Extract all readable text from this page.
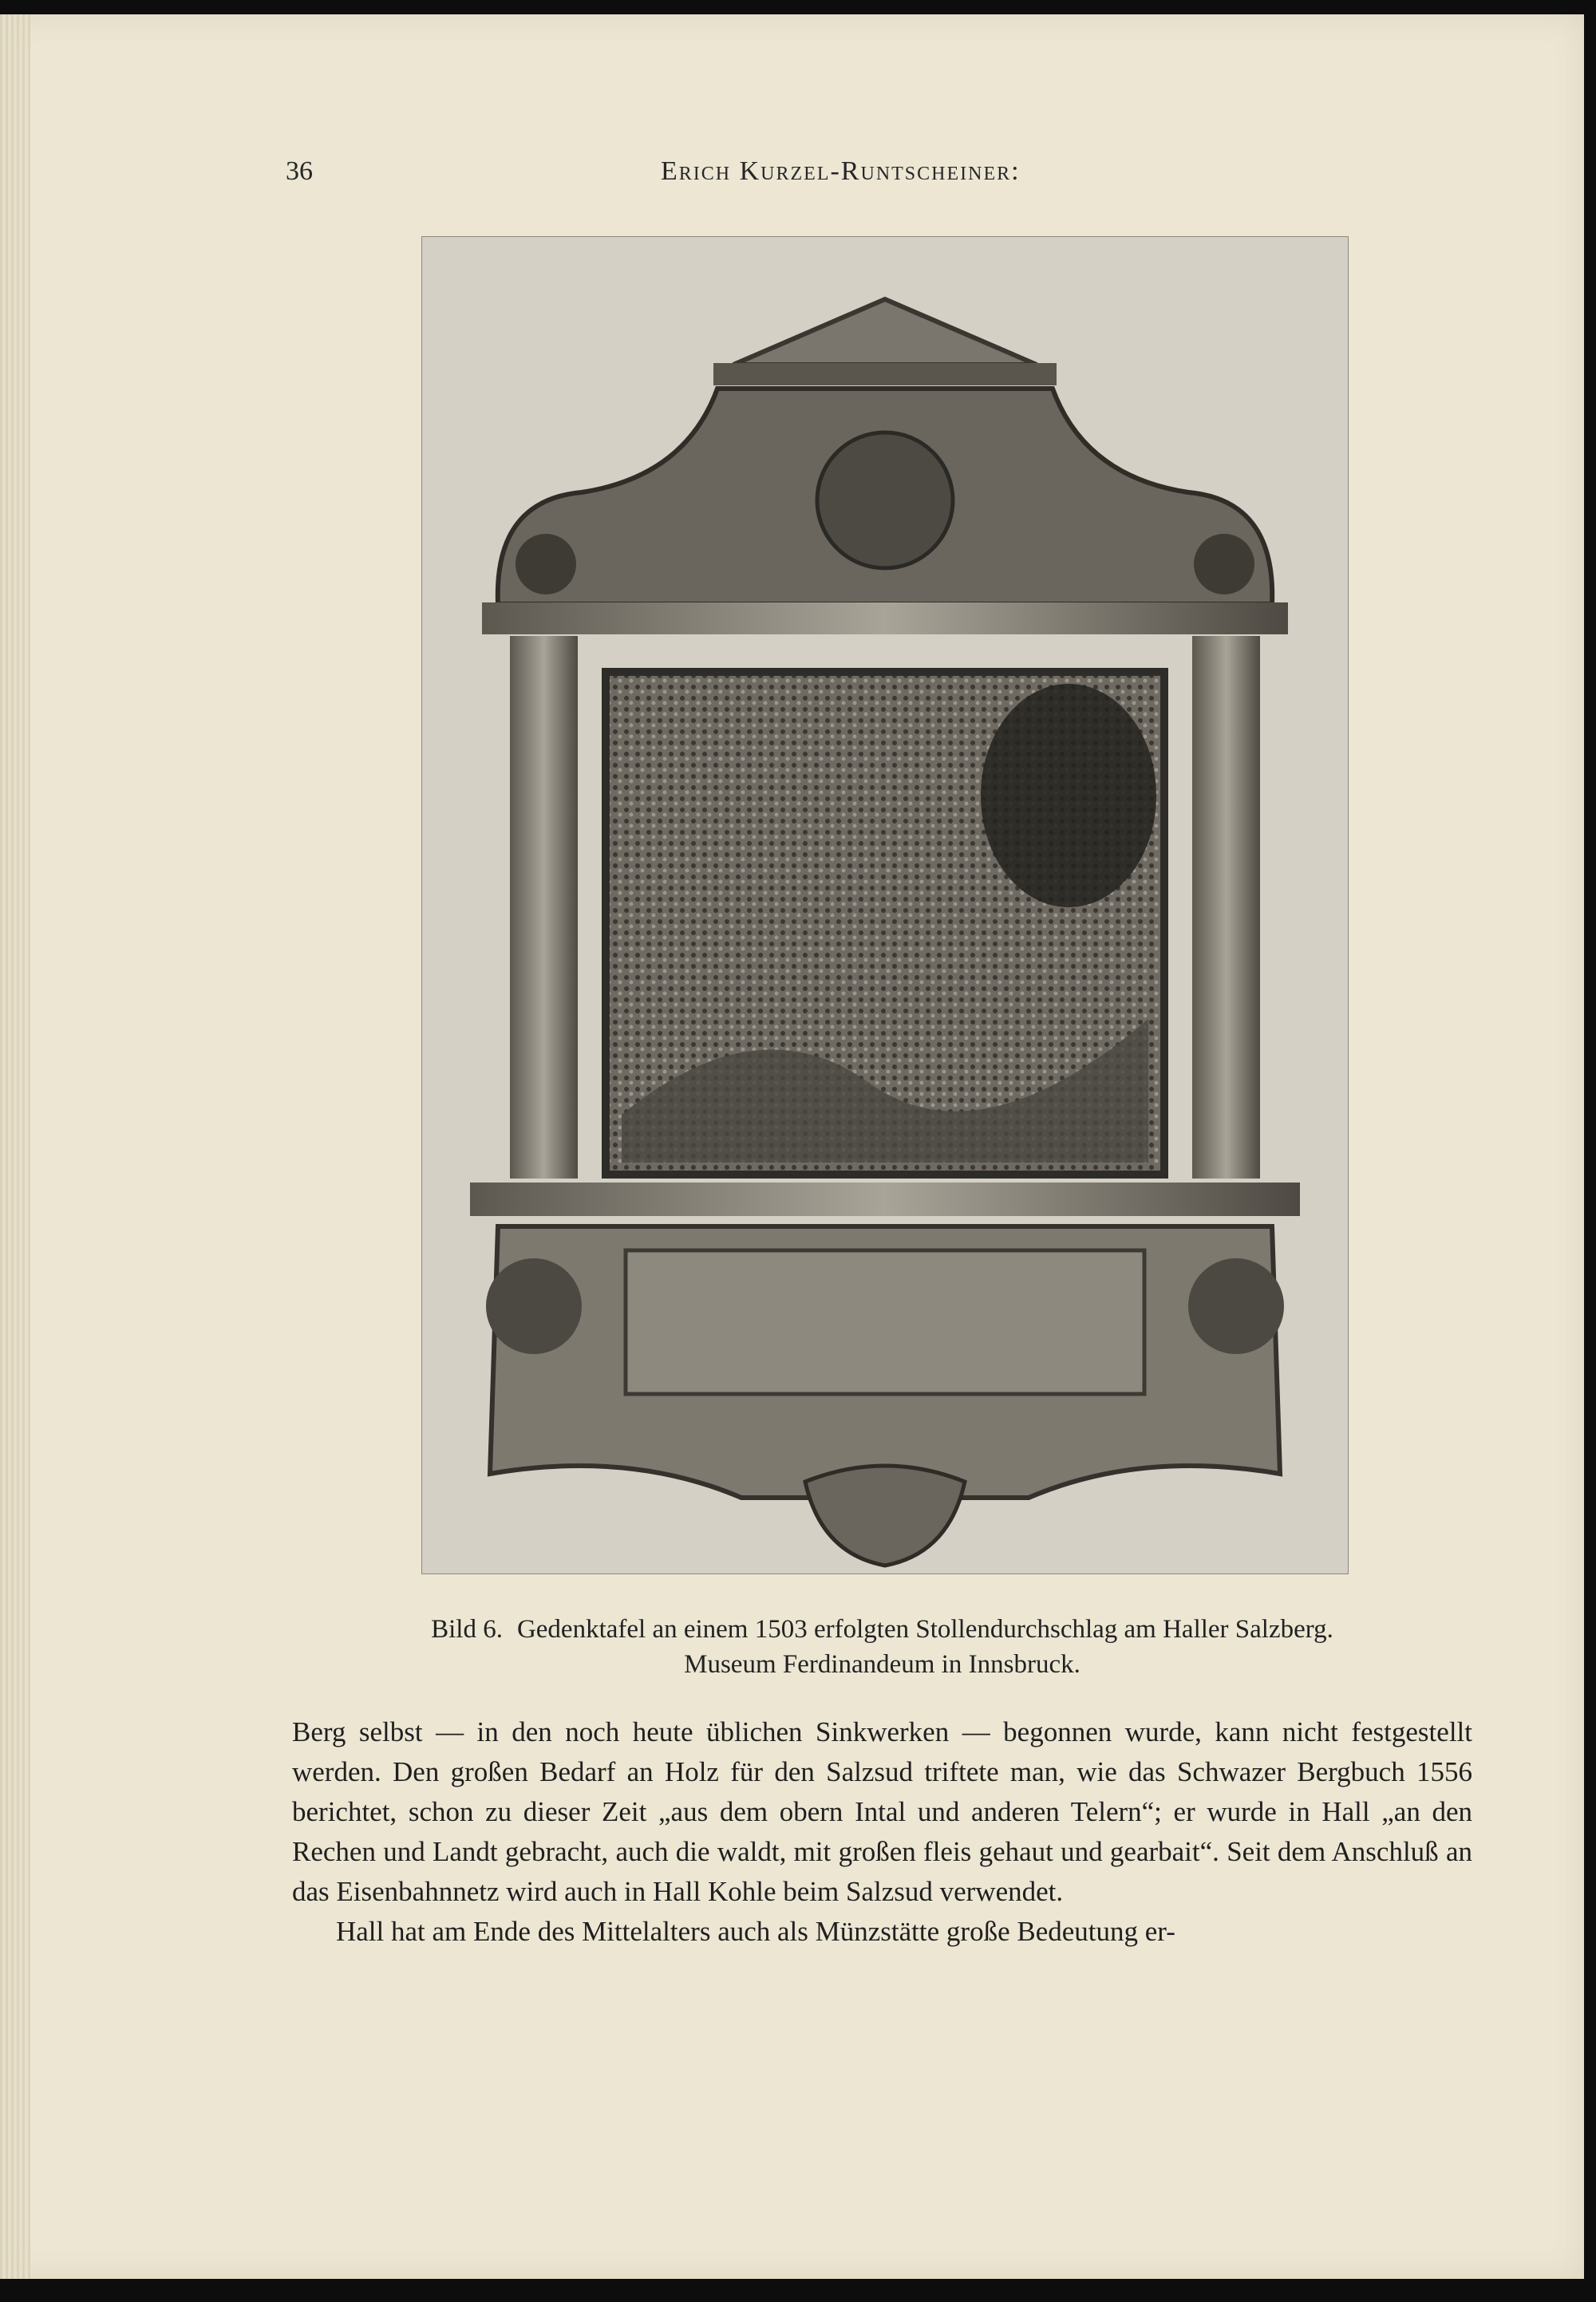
36	Erich Kurzel-Runtscheiner:
Bild 6. Gedenktafel an einem 1503 erfolgten Stollendurchschlag am Haller Salzberg.
Museum Ferdinandeum in Innsbruck.

Berg selbst — in den noch heute üblichen Sinkwerken — begonnen wurde, kann nicht festgestellt werden. Den großen Bedarf an Holz für den Salzsud triftete man, wie das Schwazer Bergbuch 1556 berichtet, schon zu dieser Zeit „aus dem obern Intal und anderen Telern“; er wurde in Hall „an den Rechen und Landt gebracht, auch die waldt, mit großen fleis gehaut und gearbait“. Seit dem Anschluß an das Eisenbahnnetz wird auch in Hall Kohle beim Salzsud verwendet.

Hall hat am Ende des Mittelalters auch als Münzstätte große Bedeutung er-
